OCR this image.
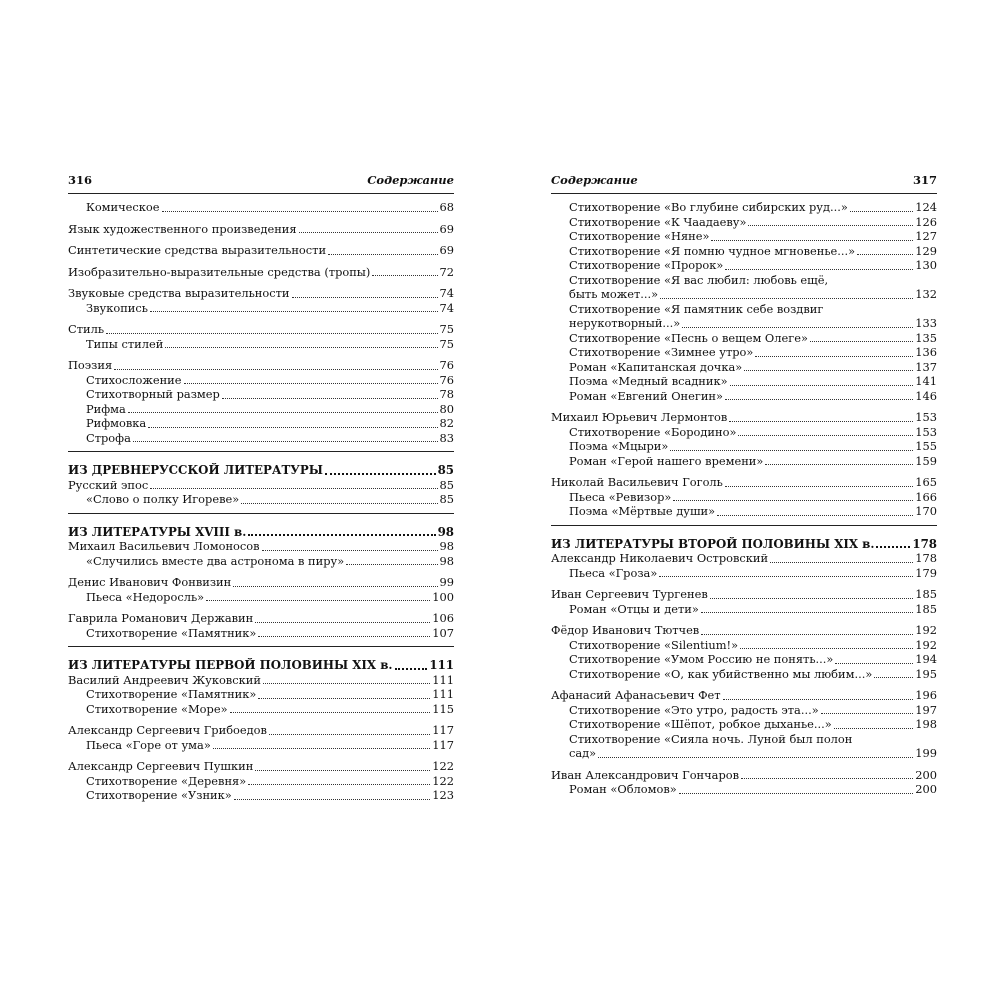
316	Содержание
Комическое	68
Язык художественного произведения	69
Синтетические средства выразительности	69
Изобразительно-выразительные средства (тропы)	72
Звуковые средства выразительности	74
Звукопись	74
Стиль	75
Типы стилей	75
Поэзия	76
Стихосложение	76
Стихотворный размер	78
Рифма	80
Рифмовка	82
Строфа	83
ИЗ ДРЕВНЕРУССКОЙ ЛИТЕРАТУРЫ	85
Русский эпос	85
«Слово о полку Игореве»	85
ИЗ ЛИТЕРАТУРЫ XVIII в.	98
Михаил Васильевич Ломоносов	98
«Случились вместе два астронома в пиру»	98
Денис Иванович Фонвизин	99
Пьеса «Недоросль»	100
Гаврила Романович Державин	106
Стихотворение «Памятник»	107
ИЗ ЛИТЕРАТУРЫ ПЕРВОЙ ПОЛОВИНЫ XIX в.	111
Василий Андреевич Жуковский	111
Стихотворение «Памятник»	111
Стихотворение «Море»	115
Александр Сергеевич Грибоедов	117
Пьеса «Горе от ума»	117
Александр Сергеевич Пушкин	122
Стихотворение «Деревня»	122
Стихотворение «Узник»	123
Содержание	317
Стихотворение «Во глубине сибирских руд...»	124
Стихотворение «К Чаадаеву»	126
Стихотворение «Няне»	127
Стихотворение «Я помню чудное мгновенье...»	129
Стихотворение «Пророк»	130
Стихотворение «Я вас любил: любовь ещё,
быть может...»	132
Стихотворение «Я памятник себе воздвиг
нерукотворный...»	133
Стихотворение «Песнь о вещем Олеге»	135
Стихотворение «Зимнее утро»	136
Роман «Капитанская дочка»	137
Поэма «Медный всадник»	141
Роман «Евгений Онегин»	146
Михаил Юрьевич Лермонтов	153
Стихотворение «Бородино»	153
Поэма «Мцыри»	155
Роман «Герой нашего времени»	159
Николай Васильевич Гоголь	165
Пьеса «Ревизор»	166
Поэма «Мёртвые души»	170
ИЗ ЛИТЕРАТУРЫ ВТОРОЙ ПОЛОВИНЫ XIX в.	178
Александр Николаевич Островский	178
Пьеса «Гроза»	179
Иван Сергеевич Тургенев	185
Роман «Отцы и дети»	185
Фёдор Иванович Тютчев	192
Стихотворение «Silentium!»	192
Стихотворение «Умом Россию не понять...»	194
Стихотворение «О, как убийственно мы любим...»	195
Афанасий Афанасьевич Фет	196
Стихотворение «Это утро, радость эта...»	197
Стихотворение «Шёпот, робкое дыханье...»	198
Стихотворение «Сияла ночь. Луной был полон
сад»	199
Иван Александрович Гончаров	200
Роман «Обломов»	200
